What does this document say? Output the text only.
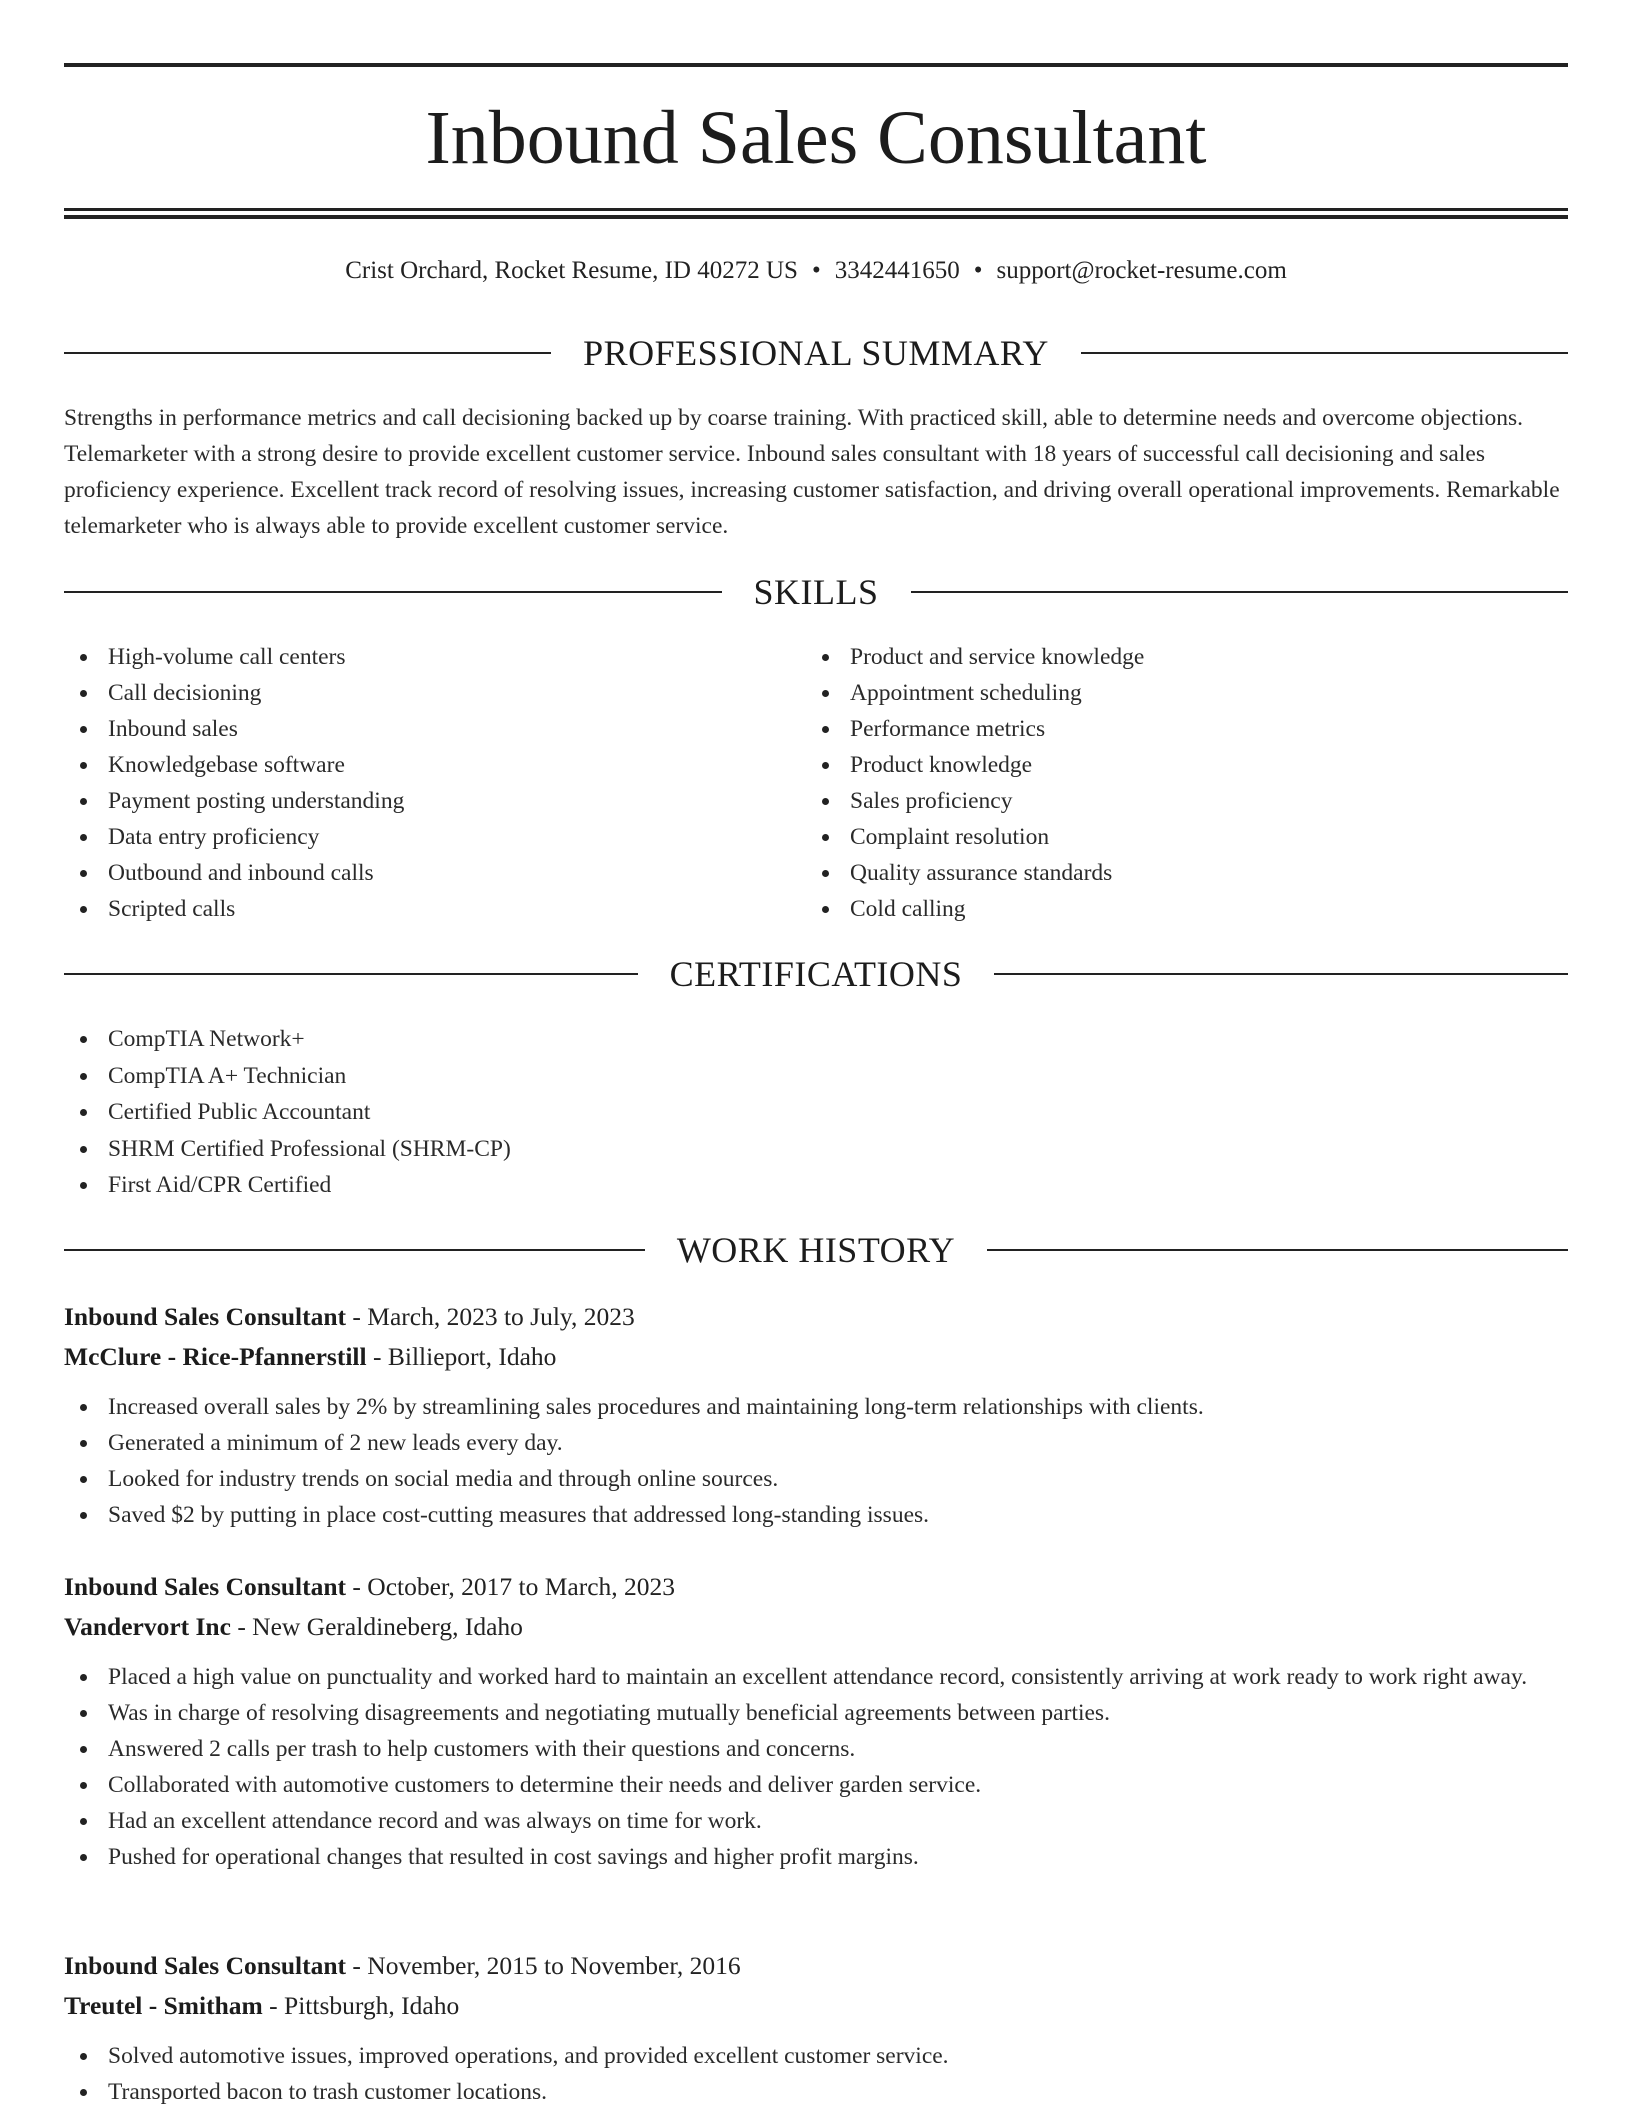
Inbound Sales Consultant
Crist Orchard, Rocket Resume, ID 40272 US • 3342441650 • support@rocket-resume.com
PROFESSIONAL SUMMARY

Strengths in performance metrics and call decisioning backed up by coarse training. With practiced skill, able to determine needs and overcome objections. Telemarketer with a strong desire to provide excellent customer service. Inbound sales consultant with 18 years of successful call decisioning and sales proficiency experience. Excellent track record of resolving issues, increasing customer satisfaction, and driving overall operational improvements. Remarkable telemarketer who is always able to provide excellent customer service.

SKILLS
High-volume call centers
Call decisioning
Inbound sales
Knowledgebase software
Payment posting understanding
Data entry proficiency
Outbound and inbound calls
Scripted calls
Product and service knowledge
Appointment scheduling
Performance metrics
Product knowledge
Sales proficiency
Complaint resolution
Quality assurance standards
Cold calling
CERTIFICATIONS
CompTIA Network+
CompTIA A+ Technician
Certified Public Accountant
SHRM Certified Professional (SHRM-CP)
First Aid/CPR Certified
WORK HISTORY
Inbound Sales Consultant - March, 2023 to July, 2023
McClure - Rice-Pfannerstill - Billieport, Idaho
Increased overall sales by 2% by streamlining sales procedures and maintaining long-term relationships with clients.
Generated a minimum of 2 new leads every day.
Looked for industry trends on social media and through online sources.
Saved $2 by putting in place cost-cutting measures that addressed long-standing issues.
Inbound Sales Consultant - October, 2017 to March, 2023
Vandervort Inc - New Geraldineberg, Idaho
Placed a high value on punctuality and worked hard to maintain an excellent attendance record, consistently arriving at work ready to work right away.
Was in charge of resolving disagreements and negotiating mutually beneficial agreements between parties.
Answered 2 calls per trash to help customers with their questions and concerns.
Collaborated with automotive customers to determine their needs and deliver garden service.
Had an excellent attendance record and was always on time for work.
Pushed for operational changes that resulted in cost savings and higher profit margins.
Inbound Sales Consultant - November, 2015 to November, 2016
Treutel - Smitham - Pittsburgh, Idaho
Solved automotive issues, improved operations, and provided excellent customer service.
Transported bacon to trash customer locations.
